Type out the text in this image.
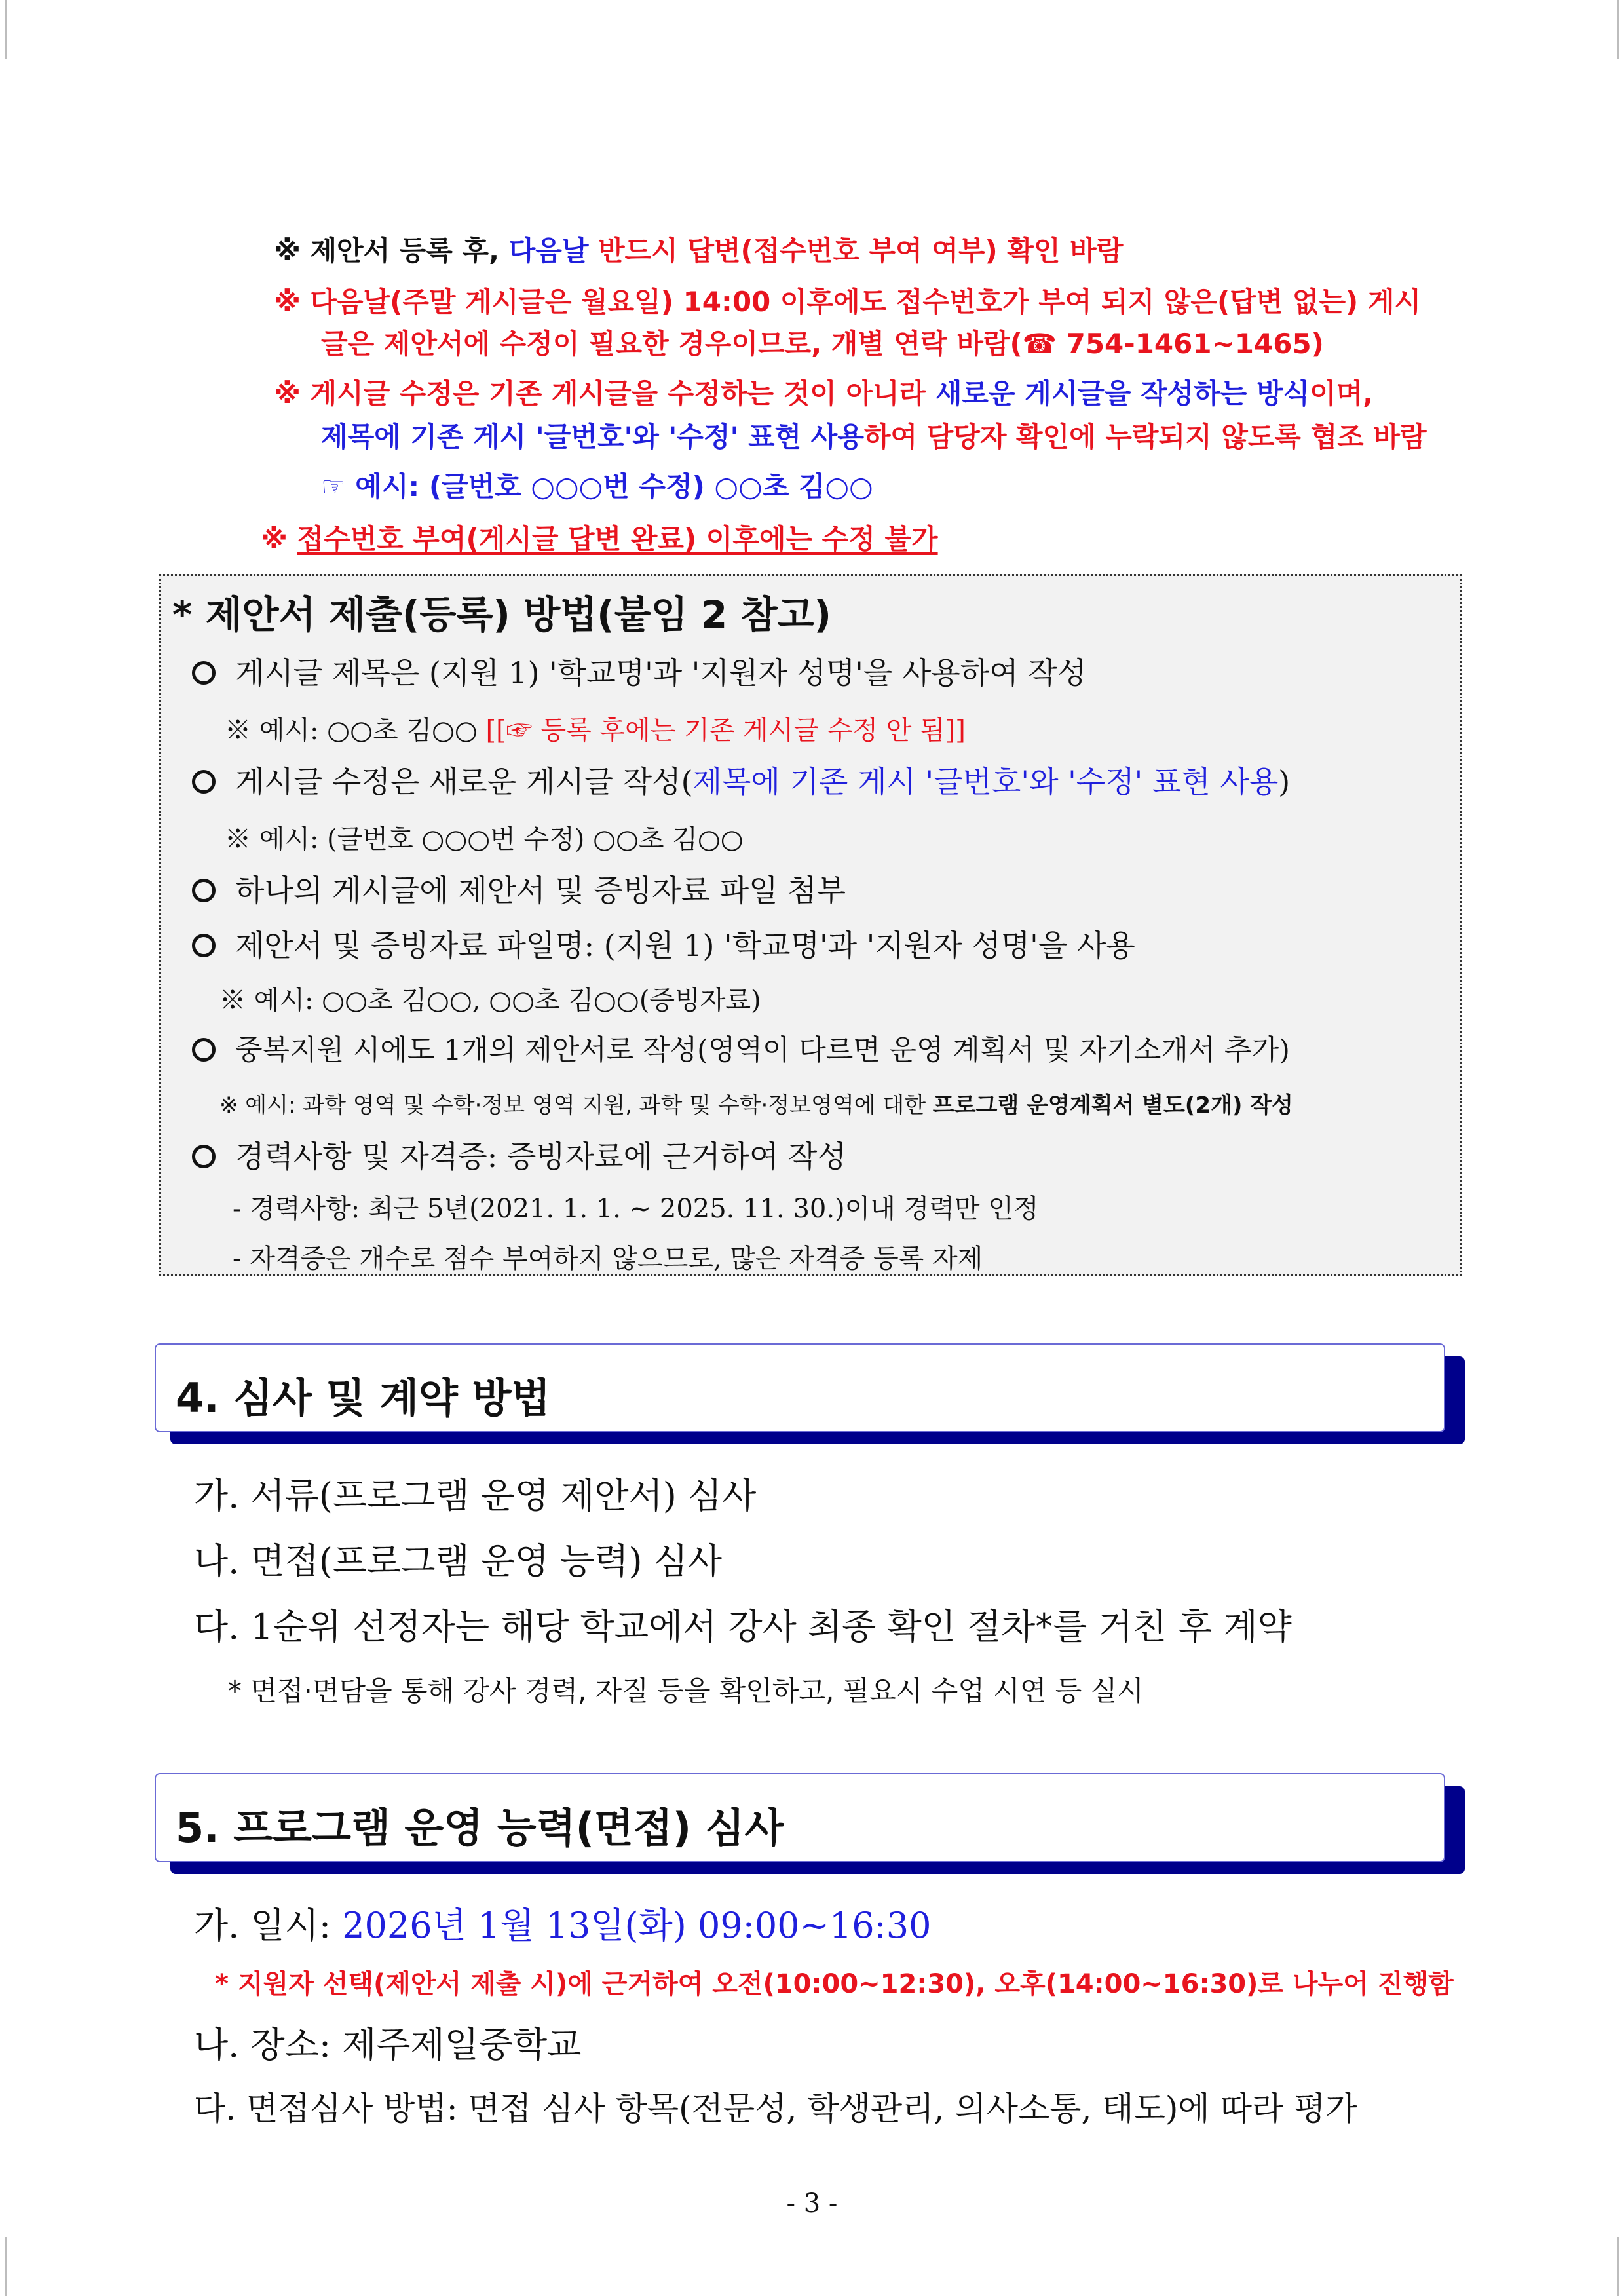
※ 제안서 등록 후, 다음날 반드시 답변(접수번호 부여 여부) 확인 바람
※ 다음날(주말 게시글은 월요일) 14:00 이후에도 접수번호가 부여 되지 않은(답변 없는) 게시
글은 제안서에 수정이 필요한 경우이므로, 개별 연락 바람(☎ 754-1461~1465)
※ 게시글 수정은 기존 게시글을 수정하는 것이 아니라 새로운 게시글을 작성하는 방식이며,
제목에 기존 게시 '글번호'와 '수정' 표현 사용하여 담당자 확인에 누락되지 않도록 협조 바람
☞ 예시: (글번호 ○○○번 수정) ○○초 김○○
※ 접수번호 부여(게시글 답변 완료) 이후에는 수정 불가
* 제안서 제출(등록) 방법(붙임 2 참고)
게시글 제목은 (지원 1) '학교명'과 '지원자 성명'을 사용하여 작성
※ 예시: ○○초 김○○ [[☞ 등록 후에는 기존 게시글 수정 안 됨]]
게시글 수정은 새로운 게시글 작성(제목에 기존 게시 '글번호'와 '수정' 표현 사용)
※ 예시: (글번호 ○○○번 수정) ○○초 김○○
하나의 게시글에 제안서 및 증빙자료 파일 첨부
제안서 및 증빙자료 파일명: (지원 1) '학교명'과 '지원자 성명'을 사용
※ 예시: ○○초 김○○, ○○초 김○○(증빙자료)
중복지원 시에도 1개의 제안서로 작성(영역이 다르면 운영 계획서 및 자기소개서 추가)
※ 예시: 과학 영역 및 수학·정보 영역 지원, 과학 및 수학·정보영역에 대한 프로그램 운영계획서 별도(2개) 작성
경력사항 및 자격증: 증빙자료에 근거하여 작성
- 경력사항: 최근 5년(2021. 1. 1. ~ 2025. 11. 30.)이내 경력만 인정
- 자격증은 개수로 점수 부여하지 않으므로, 많은 자격증 등록 자제
4. 심사 및 계약 방법
가. 서류(프로그램 운영 제안서) 심사
나. 면접(프로그램 운영 능력) 심사
다. 1순위 선정자는 해당 학교에서 강사 최종 확인 절차*를 거친 후 계약
* 면접·면담을 통해 강사 경력, 자질 등을 확인하고, 필요시 수업 시연 등 실시
5. 프로그램 운영 능력(면접) 심사
가. 일시: 2026년 1월 13일(화) 09:00~16:30
* 지원자 선택(제안서 제출 시)에 근거하여 오전(10:00~12:30), 오후(14:00~16:30)로 나누어 진행함
나. 장소: 제주제일중학교
다. 면접심사 방법: 면접 심사 항목(전문성, 학생관리, 의사소통, 태도)에 따라 평가
- 3 -
